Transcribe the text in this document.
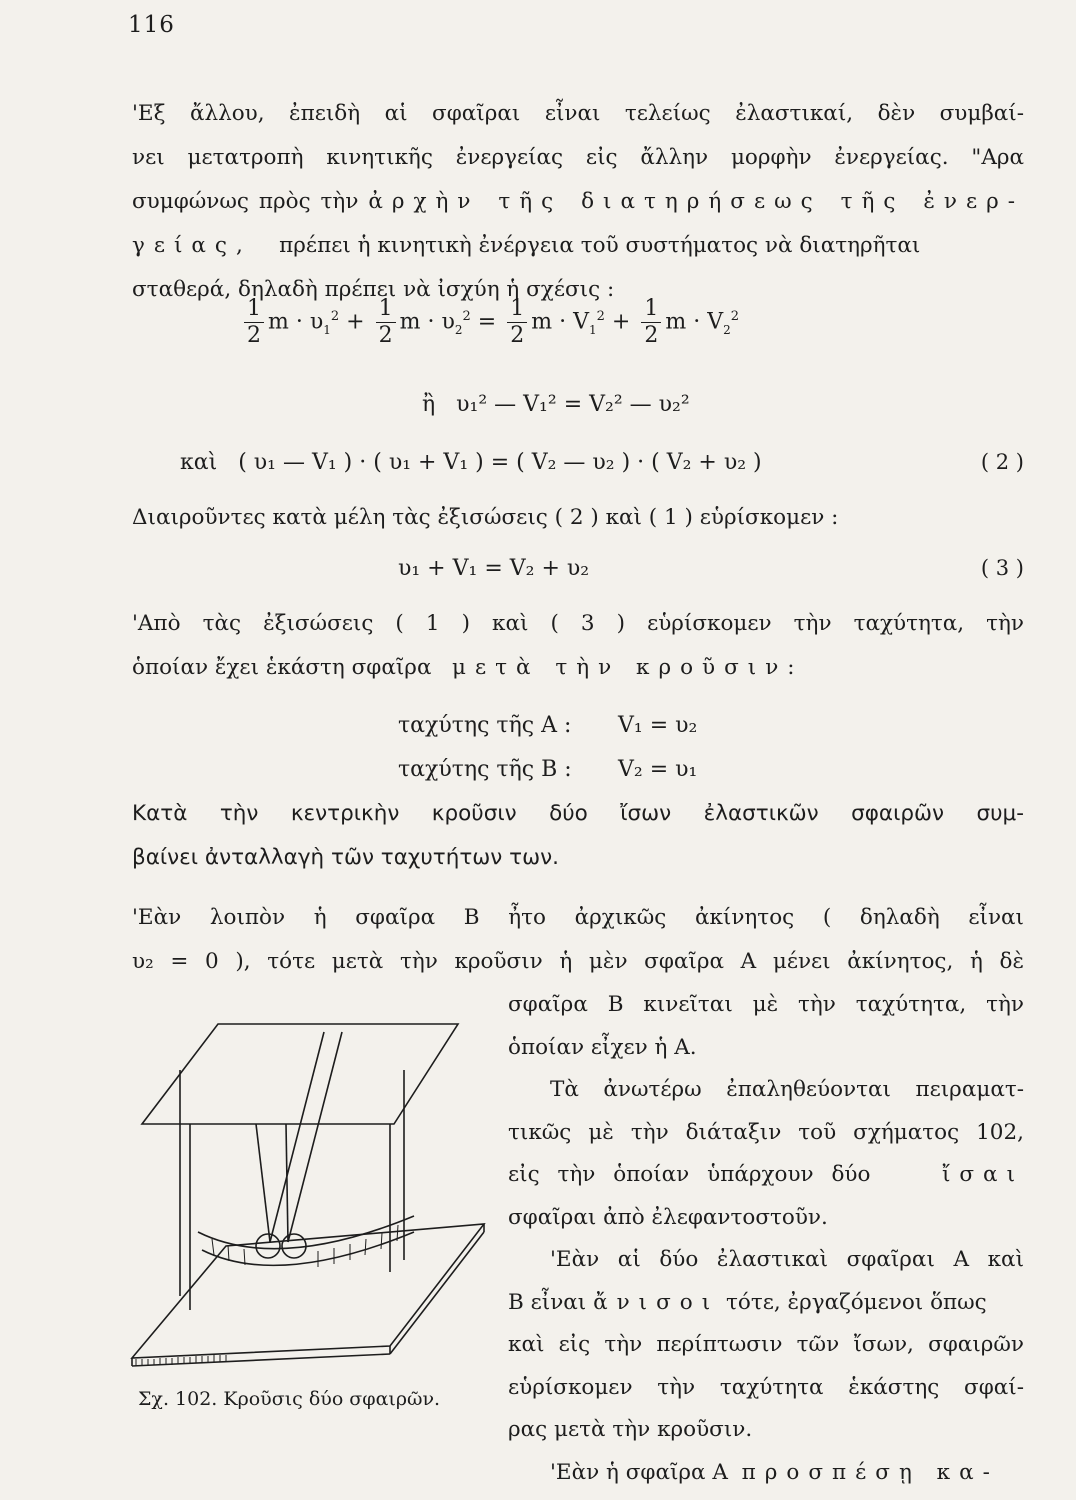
116
'Εξ ἄλλου, ἐπειδὴ αἱ σφαῖραι εἶναι τελείως ἐλαστικαί, δὲν συμβαί-
νει μετατροπὴ κινητικῆς ἐνεργείας εἰς ἄλλην μορφὴν ἐνεργείας. "Αρα
συμφώνως πρὸς τὴν ἀρχὴν τῆς διατηρήσεως τῆς ἐνερ-
γείας, πρέπει ἡ κινητικὴ ἐνέργεια τοῦ συστήματος νὰ διατηρῆται
σταθερά, δηλαδὴ πρέπει νὰ ἰσχύη ἡ σχέσις :
$\frac{1}{2}$ $m \cdot \upsilon_1^2 + \frac{1}{2}$ $m \cdot \upsilon_2^2 = \frac{1}{2}$ $m \cdot V_1^2 + \frac{1}{2}$ $m \cdot V_2^2$
ἢ υ₁² — V₁² = V₂² — υ₂²
καὶ ( υ₁ — V₁ ) · ( υ₁ + V₁ ) = ( V₂ — υ₂ ) · ( V₂ + υ₂ )	( 2 )
Διαιροῦντες κατὰ μέλη τὰς ἐξισώσεις ( 2 ) καὶ ( 1 ) εὑρίσκομεν :
υ₁ + V₁ = V₂ + υ₂	( 3 )
'Απὸ τὰς ἐξισώσεις ( 1 ) καὶ ( 3 ) εὑρίσκομεν τὴν ταχύτητα, τὴν
ὁποίαν ἔχει ἑκάστη σφαῖρα μετὰ τὴν κροῦσιν:
ταχύτης τῆς A : V₁ = υ₂
ταχύτης τῆς B : V₂ = υ₁
Κατὰ τὴν κεντρικὴν κροῦσιν δύο ἴσων ἐλαστικῶν σφαιρῶν συμ-
βαίνει ἀνταλλαγὴ τῶν ταχυτήτων των.
'Εὰν λοιπὸν ἡ σφαῖρα B ἦτο ἀρχικῶς ἀκίνητος ( δηλαδὴ εἶναι
υ₂ = 0 ), τότε μετὰ τὴν κροῦσιν ἡ μὲν σφαῖρα A μένει ἀκίνητος, ἡ δὲ
σφαῖρα B κινεῖται μὲ τὴν ταχύτητα, τὴν
ὁποίαν εἶχεν ἡ A.
Τὰ ἀνωτέρω ἐπαληθεύονται πειραματ-
τικῶς μὲ τὴν διάταξιν τοῦ σχήματος 102,
εἰς τὴν ὁποίαν ὑπάρχουν δύο	ἴσαι
σφαῖραι ἀπὸ ἐλεφαντοστοῦν.
'Εὰν αἱ δύο ἐλαστικαὶ σφαῖραι A καὶ
B εἶναι ἄνισοι τότε, ἐργαζόμενοι ὅπως
καὶ εἰς τὴν περίπτωσιν τῶν ἴσων, σφαιρῶν
εὑρίσκομεν τὴν ταχύτητα ἑκάστης σφαί-
ρας μετὰ τὴν κροῦσιν.
'Εὰν ἡ σφαῖρα A προσπέσῃ κα-
Σχ. 102. Κροῦσις δύο σφαιρῶν.
